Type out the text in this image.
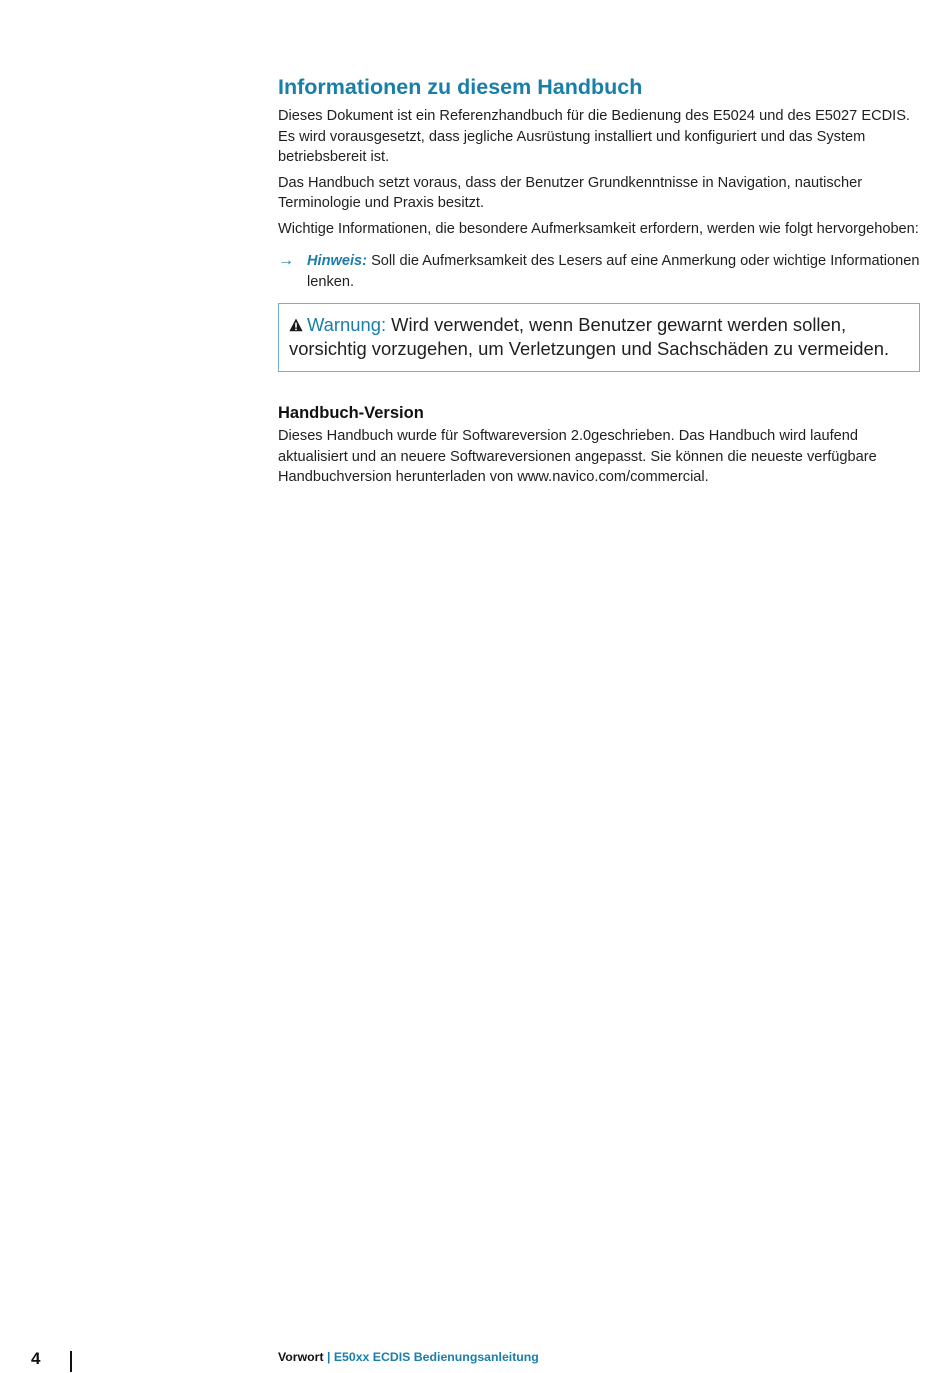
Informationen zu diesem Handbuch

Dieses Dokument ist ein Referenzhandbuch für die Bedienung des E5024 und des E5027 ECDIS. Es wird vorausgesetzt, dass jegliche Ausrüstung installiert und konfiguriert und das System betriebsbereit ist.

Das Handbuch setzt voraus, dass der Benutzer Grundkenntnisse in Navigation, nautischer Terminologie und Praxis besitzt.

Wichtige Informationen, die besondere Aufmerksamkeit erfordern, werden wie folgt hervorgehoben:

→ Hinweis: Soll die Aufmerksamkeit des Lesers auf eine Anmerkung oder wichtige Informationen lenken.
Warnung: Wird verwendet, wenn Benutzer gewarnt werden sollen, vorsichtig vorzugehen, um Verletzungen und Sachschäden zu vermeiden.
Handbuch-Version

Dieses Handbuch wurde für Softwareversion 2.0geschrieben. Das Handbuch wird laufend aktualisiert und an neuere Softwareversionen angepasst. Sie können die neueste verfügbare Handbuchversion herunterladen von www.navico.com/commercial.

4	Vorwort | E50xx ECDIS Bedienungsanleitung
